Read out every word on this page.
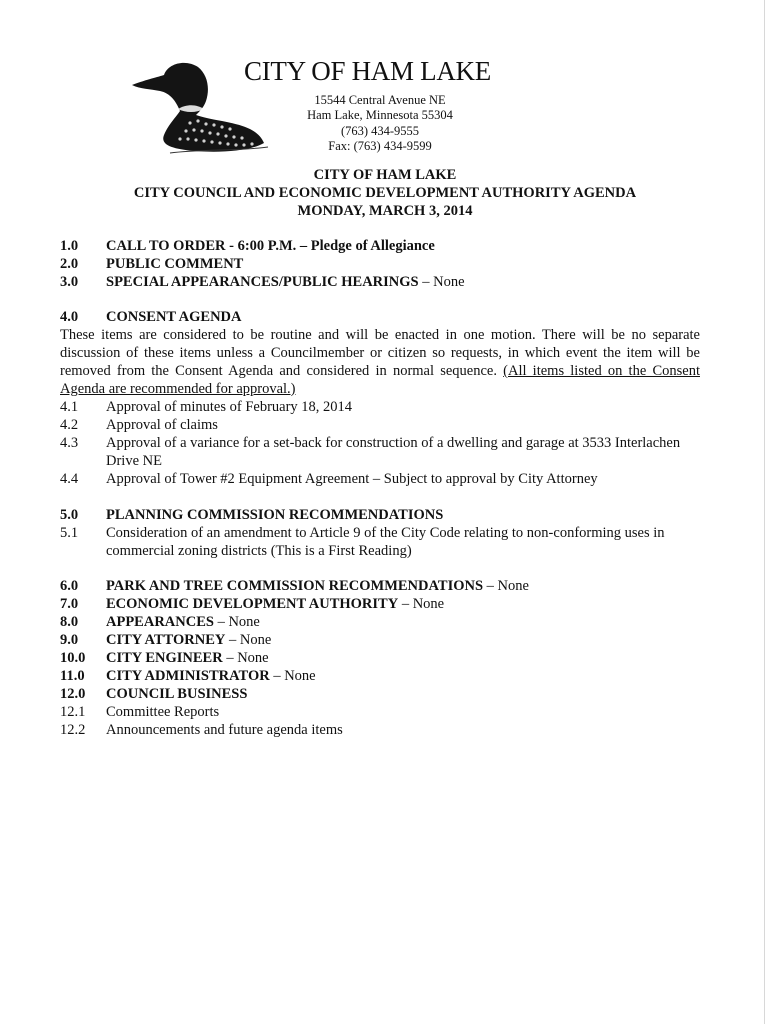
CITY OF HAM LAKE
15544 Central Avenue NE
Ham Lake, Minnesota 55304
(763) 434-9555
Fax: (763) 434-9599
CITY OF HAM LAKE
CITY COUNCIL AND ECONOMIC DEVELOPMENT AUTHORITY AGENDA
MONDAY, MARCH 3, 2014
1.0 CALL TO ORDER - 6:00 P.M. – Pledge of Allegiance
2.0 PUBLIC COMMENT
3.0 SPECIAL APPEARANCES/PUBLIC HEARINGS – None
4.0 CONSENT AGENDA
These items are considered to be routine and will be enacted in one motion. There will be no separate discussion of these items unless a Councilmember or citizen so requests, in which event the item will be removed from the Consent Agenda and considered in normal sequence. (All items listed on the Consent Agenda are recommended for approval.)
4.1 Approval of minutes of February 18, 2014
4.2 Approval of claims
4.3	Approval of a variance for a set-back for construction of a dwelling and garage at 3533 Interlachen Drive NE
4.4 Approval of Tower #2 Equipment Agreement – Subject to approval by City Attorney
5.0 PLANNING COMMISSION RECOMMENDATIONS
5.1	Consideration of an amendment to Article 9 of the City Code relating to non-conforming uses in commercial zoning districts (This is a First Reading)
6.0 PARK AND TREE COMMISSION RECOMMENDATIONS – None
7.0 ECONOMIC DEVELOPMENT AUTHORITY – None
8.0 APPEARANCES – None
9.0 CITY ATTORNEY – None
10.0 CITY ENGINEER – None
11.0 CITY ADMINISTRATOR – None
12.0 COUNCIL BUSINESS
12.1 Committee Reports
12.2 Announcements and future agenda items
